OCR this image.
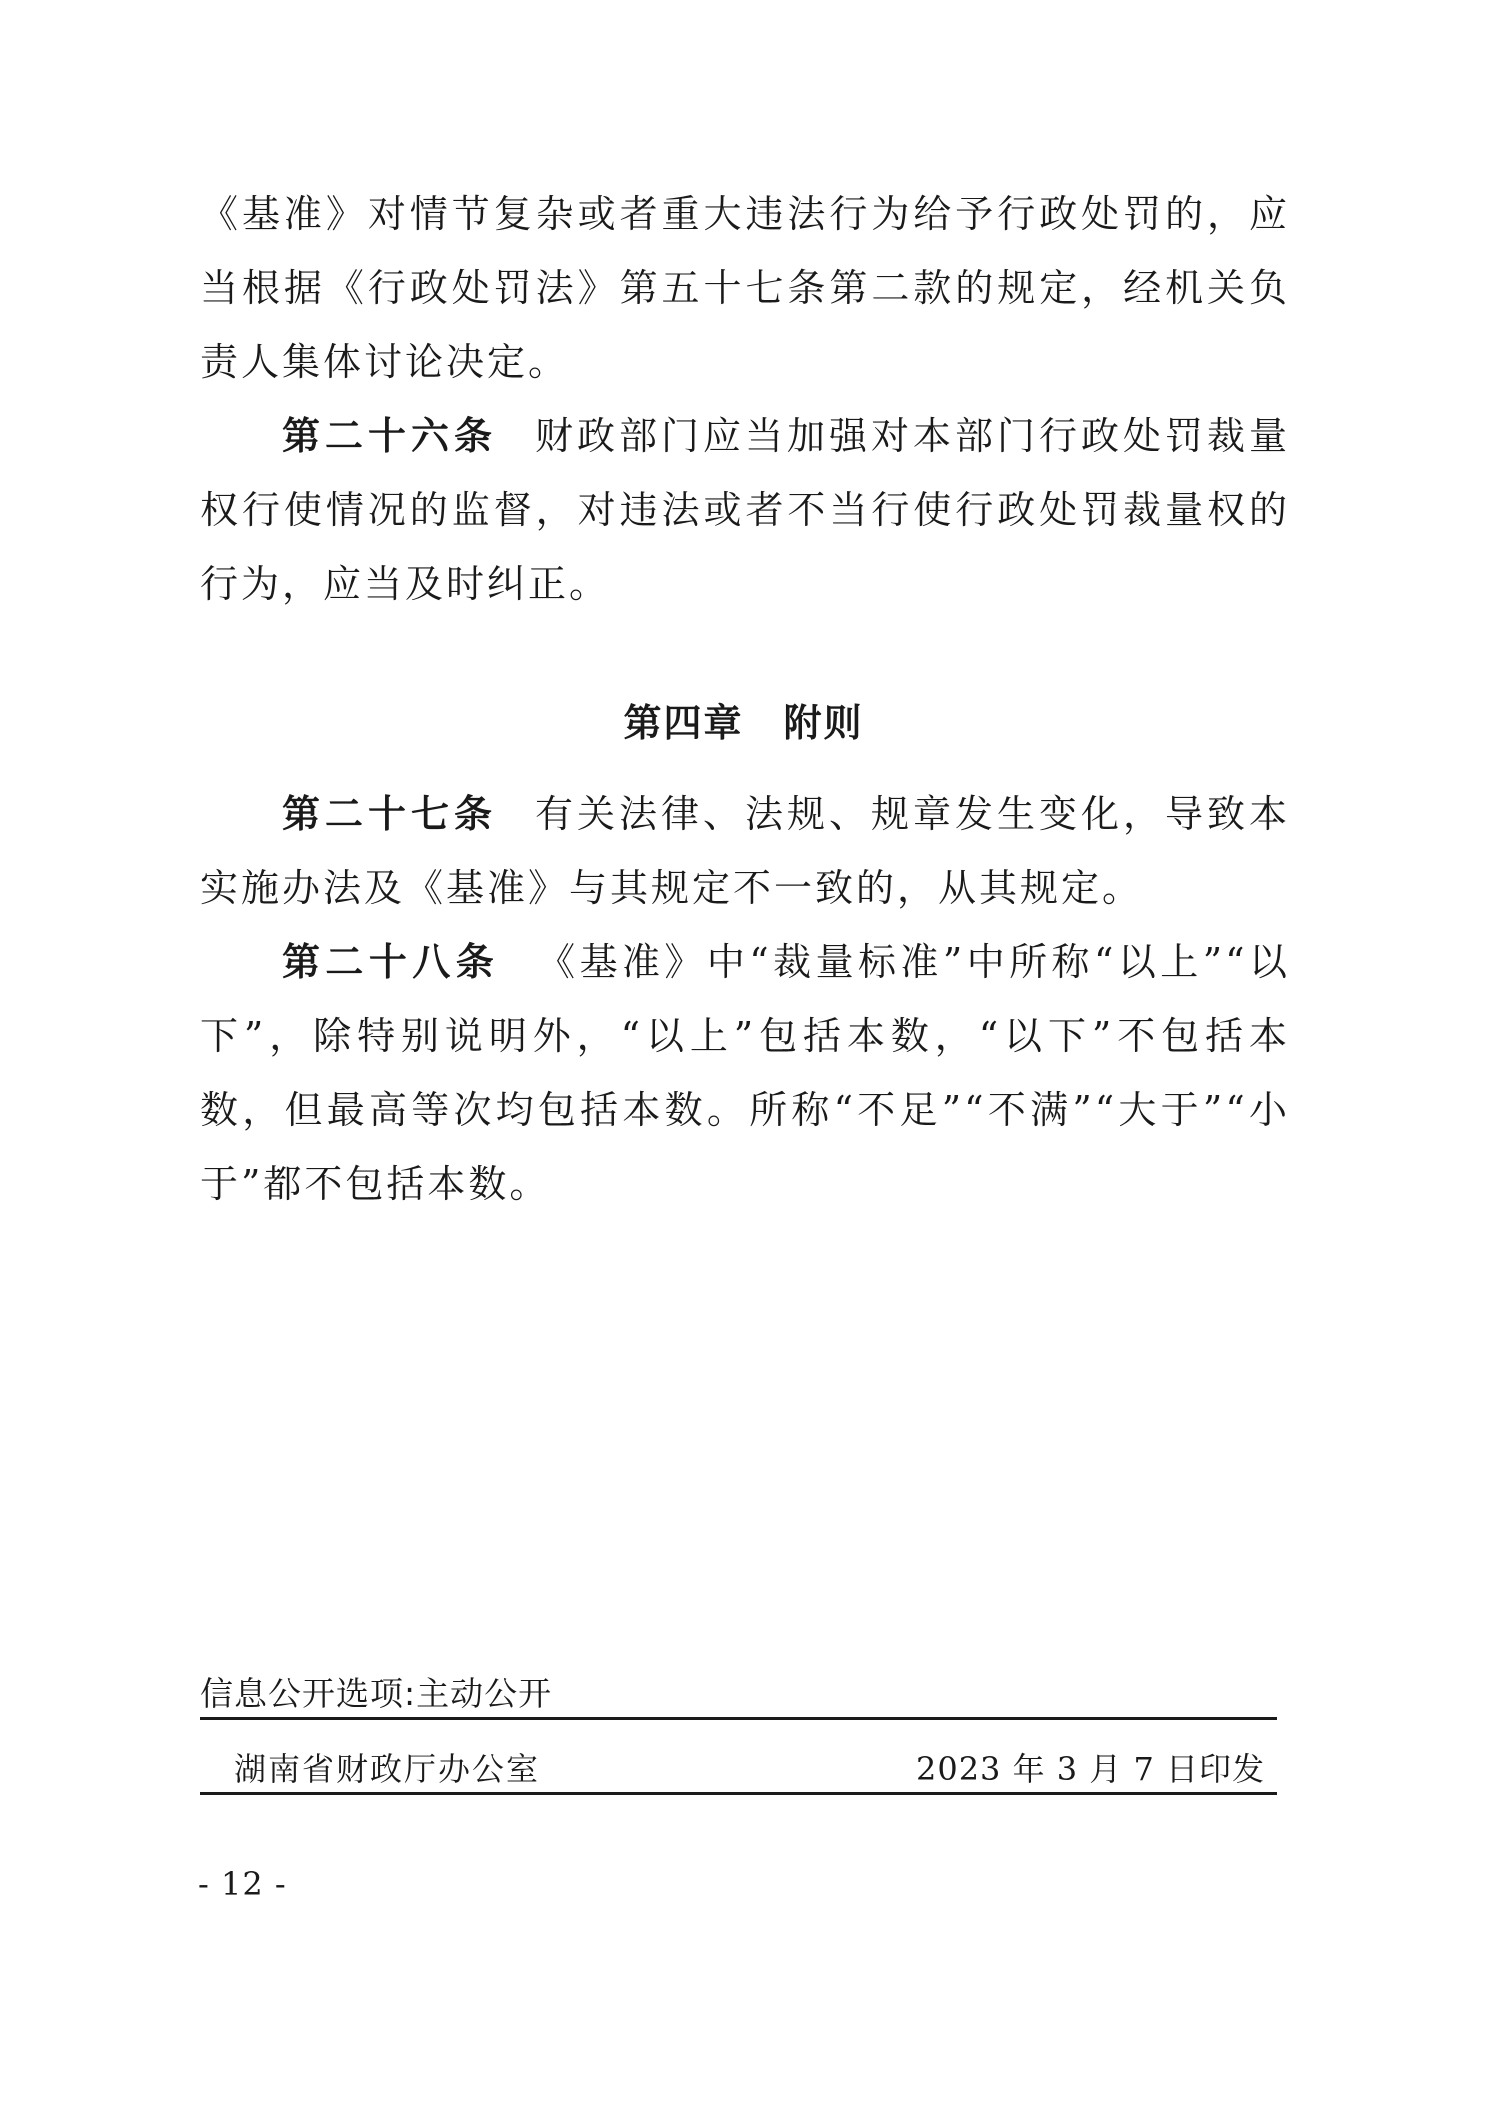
《基准》对情节复杂或者重大违法行为给予行政处罚的，应当根据《行政处罚法》第五十七条第二款的规定，经机关负责人集体讨论决定。

第二十六条 财政部门应当加强对本部门行政处罚裁量权行使情况的监督，对违法或者不当行使行政处罚裁量权的行为，应当及时纠正。

第四章 附则

第二十七条 有关法律、法规、规章发生变化，导致本实施办法及《基准》与其规定不一致的，从其规定。

第二十八条 《基准》中“裁量标准”中所称“以上”“以下”，除特别说明外，“以上”包括本数，“以下”不包括本数，但最高等次均包括本数。所称“不足”“不满”“大于”“小于”都不包括本数。

信息公开选项:主动公开
湖南省财政厅办公室	2023 年 3 月 7 日印发
- 12 -
